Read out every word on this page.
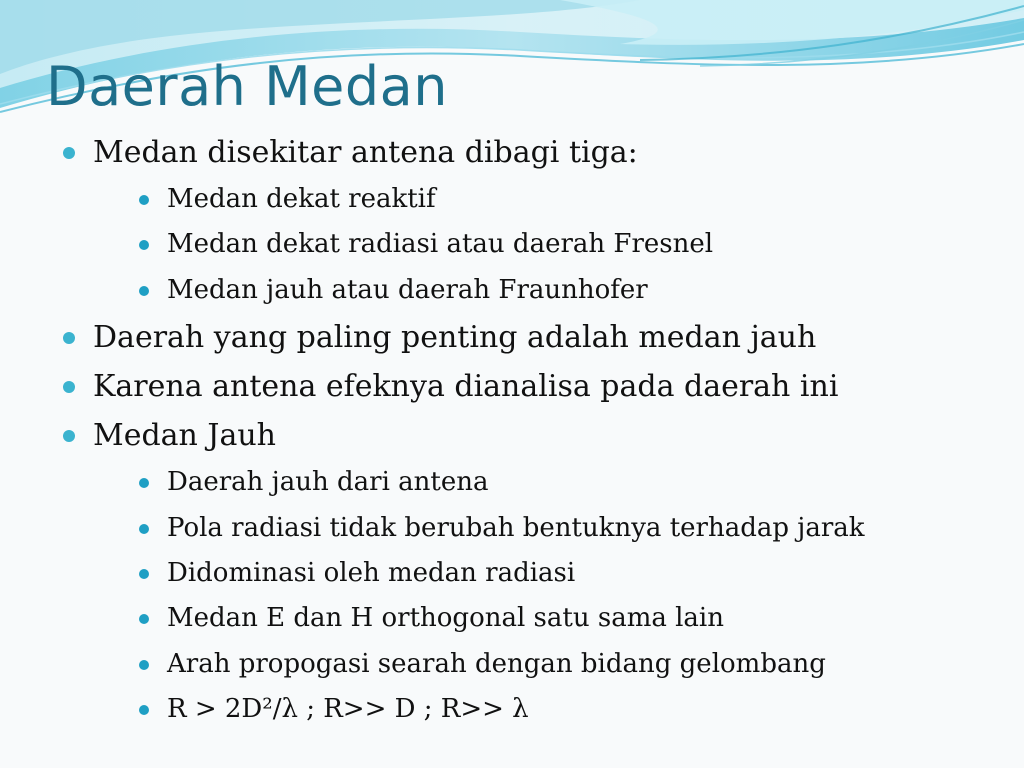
Daerah Medan
Medan disekitar antena dibagi tiga:
Medan dekat reaktif
Medan dekat radiasi atau daerah Fresnel
Medan jauh atau daerah Fraunhofer
Daerah yang paling penting adalah medan jauh
Karena antena efeknya dianalisa pada daerah ini
Medan Jauh
Daerah jauh dari antena
Pola radiasi tidak berubah bentuknya terhadap jarak
Didominasi oleh medan radiasi
Medan E dan H orthogonal satu sama lain
Arah propogasi searah dengan bidang gelombang
R > 2D²/λ ; R>> D ; R>> λ
